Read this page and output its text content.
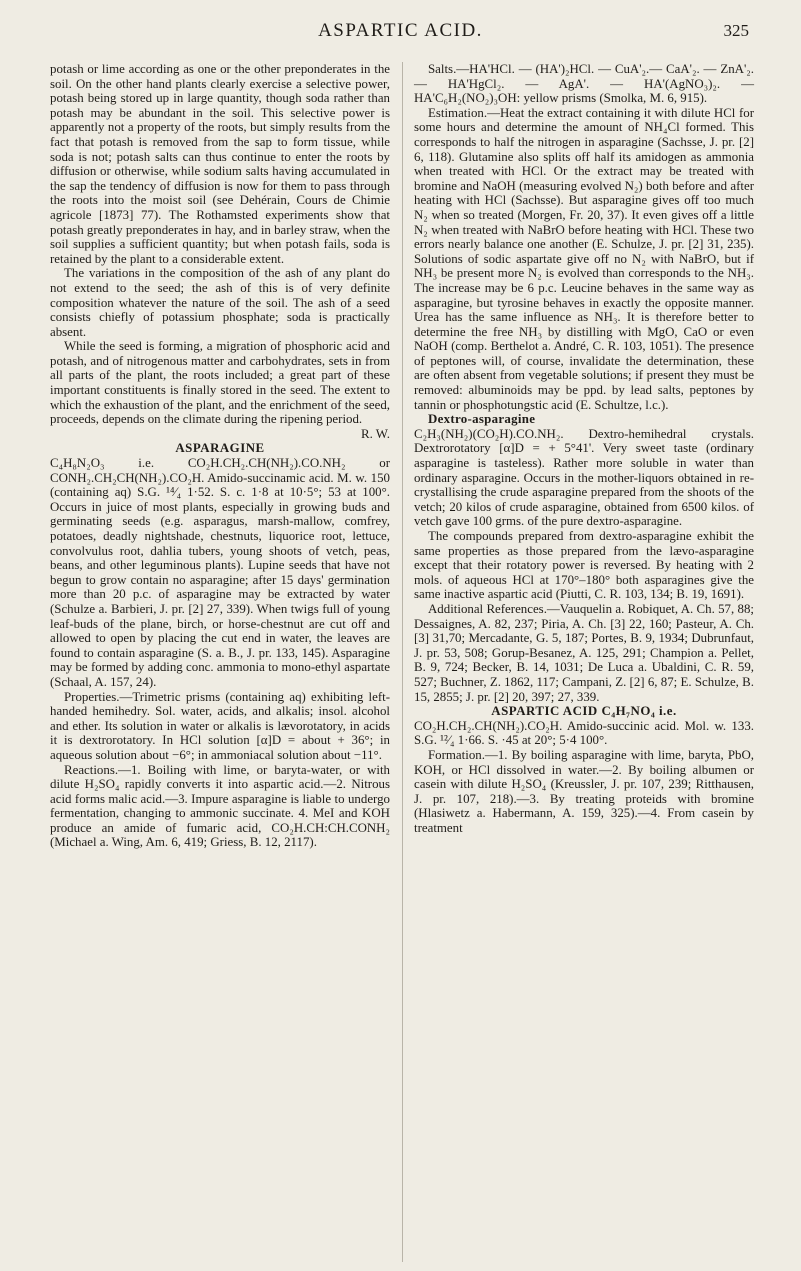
ASPARTIC ACID.	325

potash or lime according as one or the other preponderates in the soil. On the other hand plants clearly exercise a selective power, potash being stored up in large quantity, though soda rather than potash may be abundant in the soil. This selective power is apparently not a property of the roots, but simply results from the fact that potash is removed from the sap to form tissue, while soda is not; potash salts can thus continue to enter the roots by diffusion or otherwise, while sodium salts having accumulated in the sap the tendency of diffusion is now for them to pass through the roots into the moist soil (see Dehérain, Cours de Chimie agricole [1873] 77). The Rothamsted experiments show that potash greatly preponderates in hay, and in barley straw, when the soil supplies a sufficient quantity; but when potash fails, soda is retained by the plant to a considerable extent.

The variations in the composition of the ash of any plant do not extend to the seed; the ash of this is of very definite composition whatever the nature of the soil. The ash of a seed consists chiefly of potassium phosphate; soda is practically absent.

While the seed is forming, a migration of phosphoric acid and potash, and of nitrogenous matter and carbohydrates, sets in from all parts of the plant, the roots included; a great part of these important constituents is finally stored in the seed. The extent to which the exhaustion of the plant, and the enrichment of the seed, proceeds, depends on the climate during the ripening period.

R. W.

ASPARAGINE

C₄H₈N₂O₃ i.e. CO₂H.CH₂.CH(NH₂).CO.NH₂ or CONH₂.CH₂CH(NH₂).CO₂H. Amido-succinamic acid. M. w. 150 (containing aq) S.G. ¹⁴⁄₄ 1·52. S. c. 1·8 at 10·5°; 53 at 100°. Occurs in juice of most plants, especially in growing buds and germinating seeds (e.g. asparagus, marsh-mallow, comfrey, potatoes, deadly nightshade, chestnuts, liquorice root, lettuce, convolvulus root, dahlia tubers, young shoots of vetch, peas, beans, and other leguminous plants). Lupine seeds that have not begun to grow contain no asparagine; after 15 days' germination more than 20 p.c. of asparagine may be extracted by water (Schulze a. Barbieri, J. pr. [2] 27, 339). When twigs full of young leaf-buds of the plane, birch, or horse-chestnut are cut off and allowed to open by placing the cut end in water, the leaves are found to contain asparagine (S. a. B., J. pr. 133, 145). Asparagine may be formed by adding conc. ammonia to mono-ethyl aspartate (Schaal, A. 157, 24).

Properties.—Trimetric prisms (containing aq) exhibiting left-handed hemihedry. Sol. water, acids, and alkalis; insol. alcohol and ether. Its solution in water or alkalis is lævorotatory, in acids it is dextrorotatory. In HCl solution [α]D = about + 36°; in aqueous solution about −6°; in ammoniacal solution about −11°.

Reactions.—1. Boiling with lime, or baryta-water, or with dilute H₂SO₄ rapidly converts it into aspartic acid.—2. Nitrous acid forms malic acid.—3. Impure asparagine is liable to undergo fermentation, changing to ammonic succinate. 4. MeI and KOH produce an amide of fumaric acid, CO₂H.CH:CH.CONH₂ (Michael a. Wing, Am. 6, 419; Griess, B. 12, 2117).

Salts.—HA'HCl. — (HA')₂HCl. — CuA'₂.— CaA'₂. — ZnA'₂. — HA'HgCl₂. — AgA'. — HA'(AgNO₃)₂. — HA'C₆H₂(NO₂)₃OH: yellow prisms (Smolka, M. 6, 915).

Estimation.—Heat the extract containing it with dilute HCl for some hours and determine the amount of NH₄Cl formed. This corresponds to half the nitrogen in asparagine (Sachsse, J. pr. [2] 6, 118). Glutamine also splits off half its amidogen as ammonia when treated with HCl. Or the extract may be treated with bromine and NaOH (measuring evolved N₂) both before and after heating with HCl (Sachsse). But asparagine gives off too much N₂ when so treated (Morgen, Fr. 20, 37). It even gives off a little N₂ when treated with NaBrO before heating with HCl. These two errors nearly balance one another (E. Schulze, J. pr. [2] 31, 235). Solutions of sodic aspartate give off no N₂ with NaBrO, but if NH₃ be present more N₂ is evolved than corresponds to the NH₃. The increase may be 6 p.c. Leucine behaves in the same way as asparagine, but tyrosine behaves in exactly the opposite manner. Urea has the same influence as NH₃. It is therefore better to determine the free NH₃ by distilling with MgO, CaO or even NaOH (comp. Berthelot a. André, C. R. 103, 1051). The presence of peptones will, of course, invalidate the determination, these are often absent from vegetable solutions; if present they must be removed: albuminoids may be ppd. by lead salts, peptones by tannin or phosphotungstic acid (E. Schultze, l.c.).

Dextro-asparagine

C₂H₃(NH₂)(CO₂H).CO.NH₂. Dextro-hemihedral crystals. Dextrorotatory [α]D = + 5°41'. Very sweet taste (ordinary asparagine is tasteless). Rather more soluble in water than ordinary asparagine. Occurs in the mother-liquors obtained in re-crystallising the crude asparagine prepared from the shoots of the vetch; 20 kilos of crude asparagine, obtained from 6500 kilos. of vetch gave 100 grms. of the pure dextro-asparagine.

The compounds prepared from dextro-asparagine exhibit the same properties as those prepared from the lævo-asparagine except that their rotatory power is reversed. By heating with 2 mols. of aqueous HCl at 170°–180° both asparagines give the same inactive aspartic acid (Piutti, C. R. 103, 134; B. 19, 1691).

Additional References.—Vauquelin a. Robiquet, A. Ch. 57, 88; Dessaignes, A. 82, 237; Piria, A. Ch. [3] 22, 160; Pasteur, A. Ch. [3] 31,70; Mercadante, G. 5, 187; Portes, B. 9, 1934; Dubrunfaut, J. pr. 53, 508; Gorup-Besanez, A. 125, 291; Champion a. Pellet, B. 9, 724; Becker, B. 14, 1031; De Luca a. Ubaldini, C. R. 59, 527; Buchner, Z. 1862, 117; Campani, Z. [2] 6, 87; E. Schulze, B. 15, 2855; J. pr. [2] 20, 397; 27, 339.

ASPARTIC ACID C₄H₇NO₄ i.e.

CO₂H.CH₂.CH(NH₂).CO₂H. Amido-succinic acid. Mol. w. 133. S.G. ¹²⁄₄ 1·66. S. ·45 at 20°; 5·4 100°.

Formation.—1. By boiling asparagine with lime, baryta, PbO, KOH, or HCl dissolved in water.—2. By boiling albumen or casein with dilute H₂SO₄ (Kreussler, J. pr. 107, 239; Ritthausen, J. pr. 107, 218).—3. By treating proteids with bromine (Hlasiwetz a. Habermann, A. 159, 325).—4. From casein by treatment
